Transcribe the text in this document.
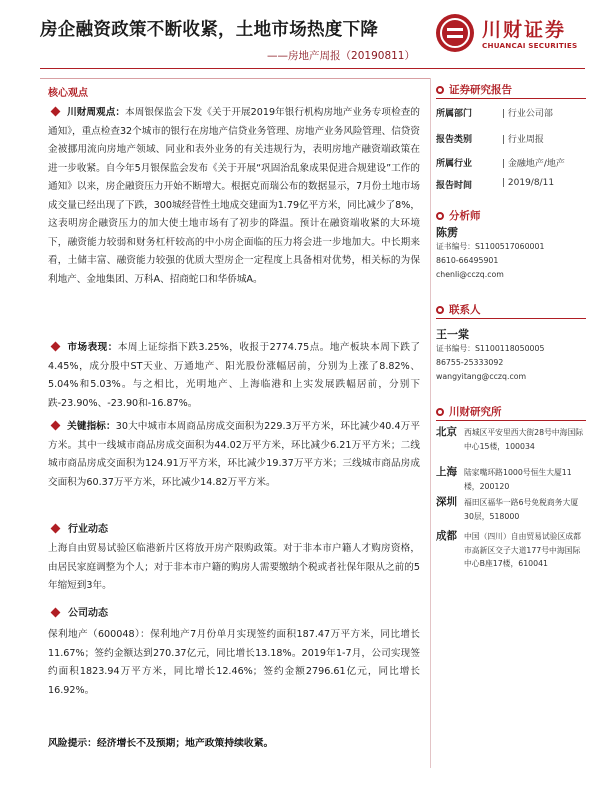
房企融资政策不断收紧，土地市场热度下降
——房地产周报（20190811）
川财证券
CHUANCAI SECURITIES
核心观点
川财周观点：本周银保监会下发《关于开展2019年银行机构房地产业务专项检查的通知》，重点检查32个城市的银行在房地产信贷业务管理、房地产业务风险管理、信贷资金被挪用流向房地产领域、同业和表外业务的有关违规行为，表明房地产融资端政策在进一步收紧。自今年5月银保监会发布《关于开展“巩固治乱象成果促进合规建设”工作的通知》以来，房企融资压力开始不断增大。根据克而瑞公布的数据显示，7月份土地市场成交量已经出现了下跌，300城经营性土地成交建面为1.79亿平方米，同比减少了8%，这表明房企融资压力的加大使土地市场有了初步的降温。预计在融资端收紧的大环境下，融资能力较弱和财务杠杆较高的中小房企面临的压力将会进一步地加大。中长期来看，土储丰富、融资能力较强的优质大型房企一定程度上具备相对优势，相关标的为保利地产、金地集团、万科A、招商蛇口和华侨城A。
市场表现：本周上证综指下跌3.25%，收报于2774.75点。地产板块本周下跌了4.45%，成分股中ST天业、万通地产、阳光股份涨幅居前，分别为上涨了8.82%、5.04%和5.03%。与之相比，光明地产、上海临港和上实发展跌幅居前，分别下跌-23.90%、-23.90和-16.87%。
关键指标：30大中城市本周商品房成交面积为229.3万平方米，环比减少40.4万平方米。其中一线城市商品房成交面积为44.02万平方米，环比减少6.21万平方米；二线城市商品房成交面积为124.91万平方米，环比减少19.37万平方米；三线城市商品房成交面积为60.37万平方米，环比减少14.82万平方米。
行业动态
上海自由贸易试验区临港新片区将放开房产限购政策。对于非本市户籍人才购房资格，由居民家庭调整为个人；对于非本市户籍的购房人需要缴纳个税或者社保年限从之前的5年缩短到3年。
公司动态
保利地产（600048）：保利地产7月份单月实现签约面积187.47万平方米，同比增长11.67%；签约金额达到270.37亿元，同比增长13.18%。2019年1-7月，公司实现签约面积1823.94万平方米，同比增长12.46%；签约金额2796.61亿元，同比增长16.92%。
风险提示：经济增长不及预期；地产政策持续收紧。
证券研究报告
所属部门	| 行业公司部
报告类别	| 行业周报
所属行业	| 金融地产/地产
报告时间	| 2019/8/11
分析师
陈雳
证书编号：S1100517060001
8610-66495901
chenli@cczq.com
联系人
王一棠
证书编号：S1100118050005
86755-25333092
wangyitang@cczq.com
川财研究所
北京 西城区平安里西大街28号中海国际中心15楼，100034
上海 陆家嘴环路1000号恒生大厦11楼，200120
深圳 福田区福华一路6号免税商务大厦30层，518000
成都 中国（四川）自由贸易试验区成都市高新区交子大道177号中海国际中心B座17楼，610041
